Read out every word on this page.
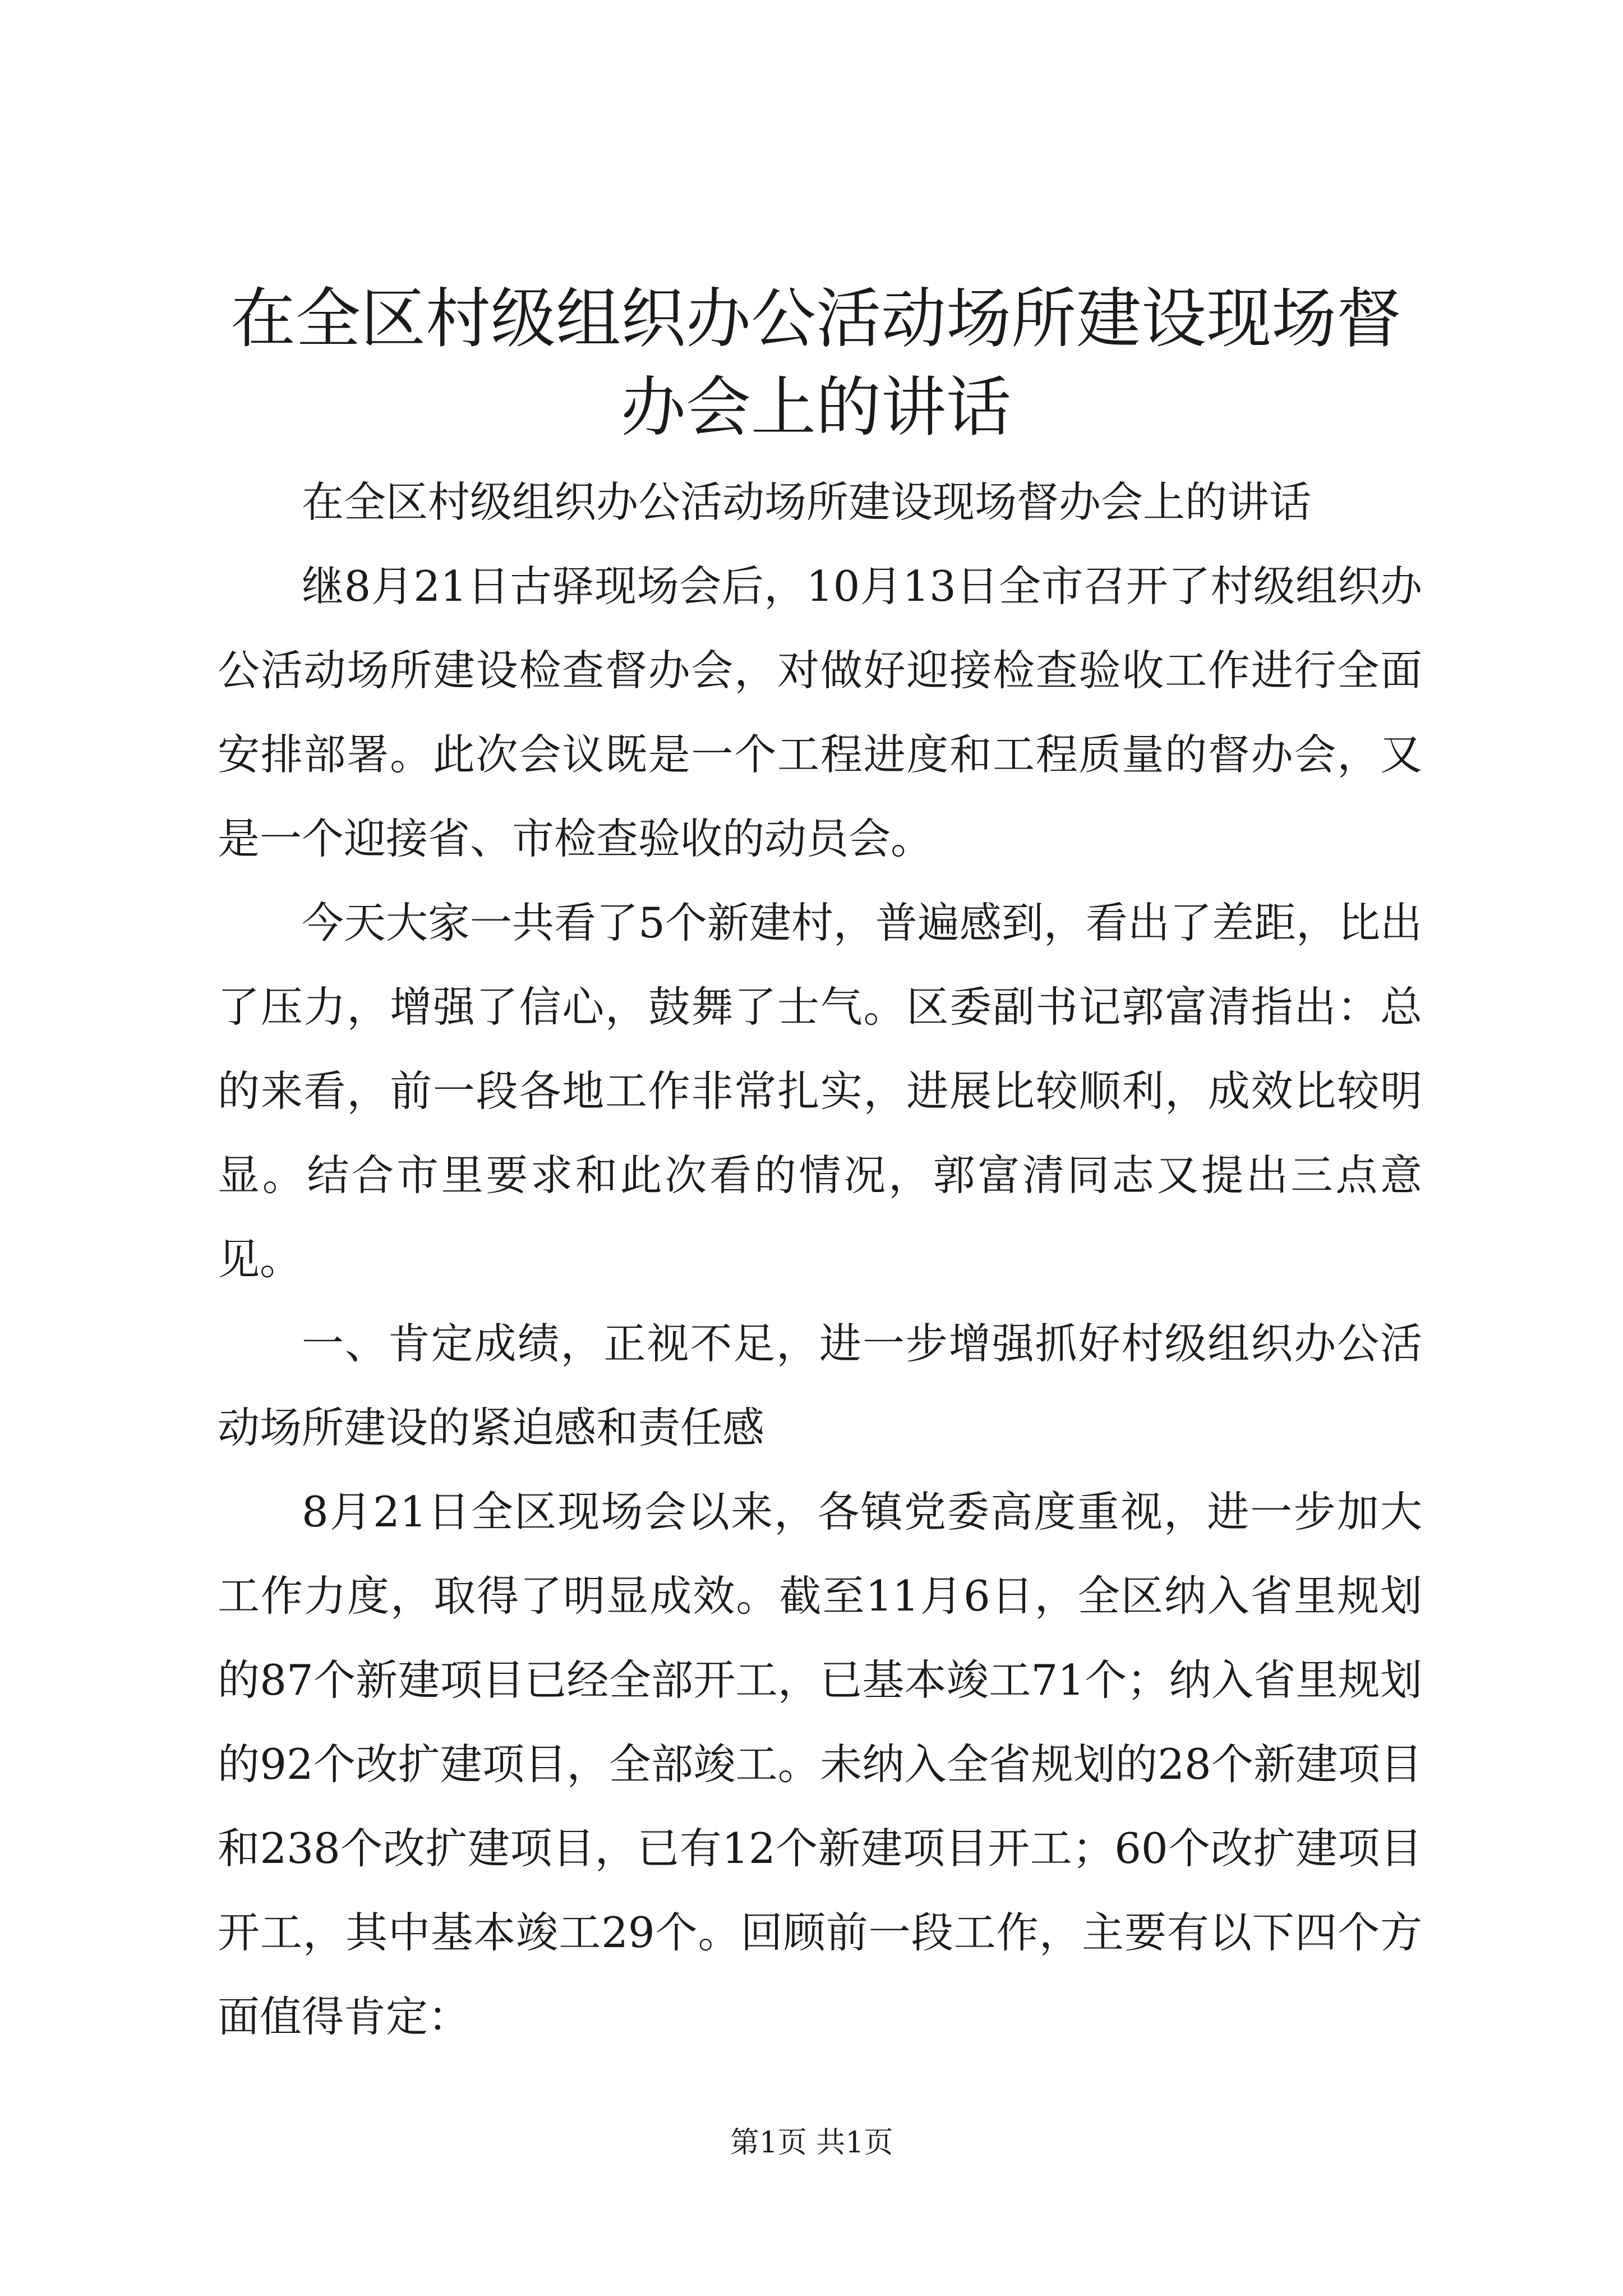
在全区村级组织办公活动场所建设现场督办会上的讲话

在全区村级组织办公活动场所建设现场督办会上的讲话

继8月21日古驿现场会后，10月13日全市召开了村级组织办公活动场所建设检查督办会，对做好迎接检查验收工作进行全面安排部署。此次会议既是一个工程进度和工程质量的督办会，又是一个迎接省、市检查验收的动员会。

今天大家一共看了5个新建村，普遍感到，看出了差距，比出了压力，增强了信心，鼓舞了士气。区委副书记郭富清指出：总的来看，前一段各地工作非常扎实，进展比较顺利，成效比较明显。结合市里要求和此次看的情况，郭富清同志又提出三点意见。

一、肯定成绩，正视不足，进一步增强抓好村级组织办公活动场所建设的紧迫感和责任感

8月21日全区现场会以来，各镇党委高度重视，进一步加大工作力度，取得了明显成效。截至11月6日，全区纳入省里规划的87个新建项目已经全部开工，已基本竣工71个；纳入省里规划的92个改扩建项目，全部竣工。未纳入全省规划的28个新建项目和238个改扩建项目，已有12个新建项目开工；60个改扩建项目开工，其中基本竣工29个。回顾前一段工作，主要有以下四个方面值得肯定：

第1页 共1页
